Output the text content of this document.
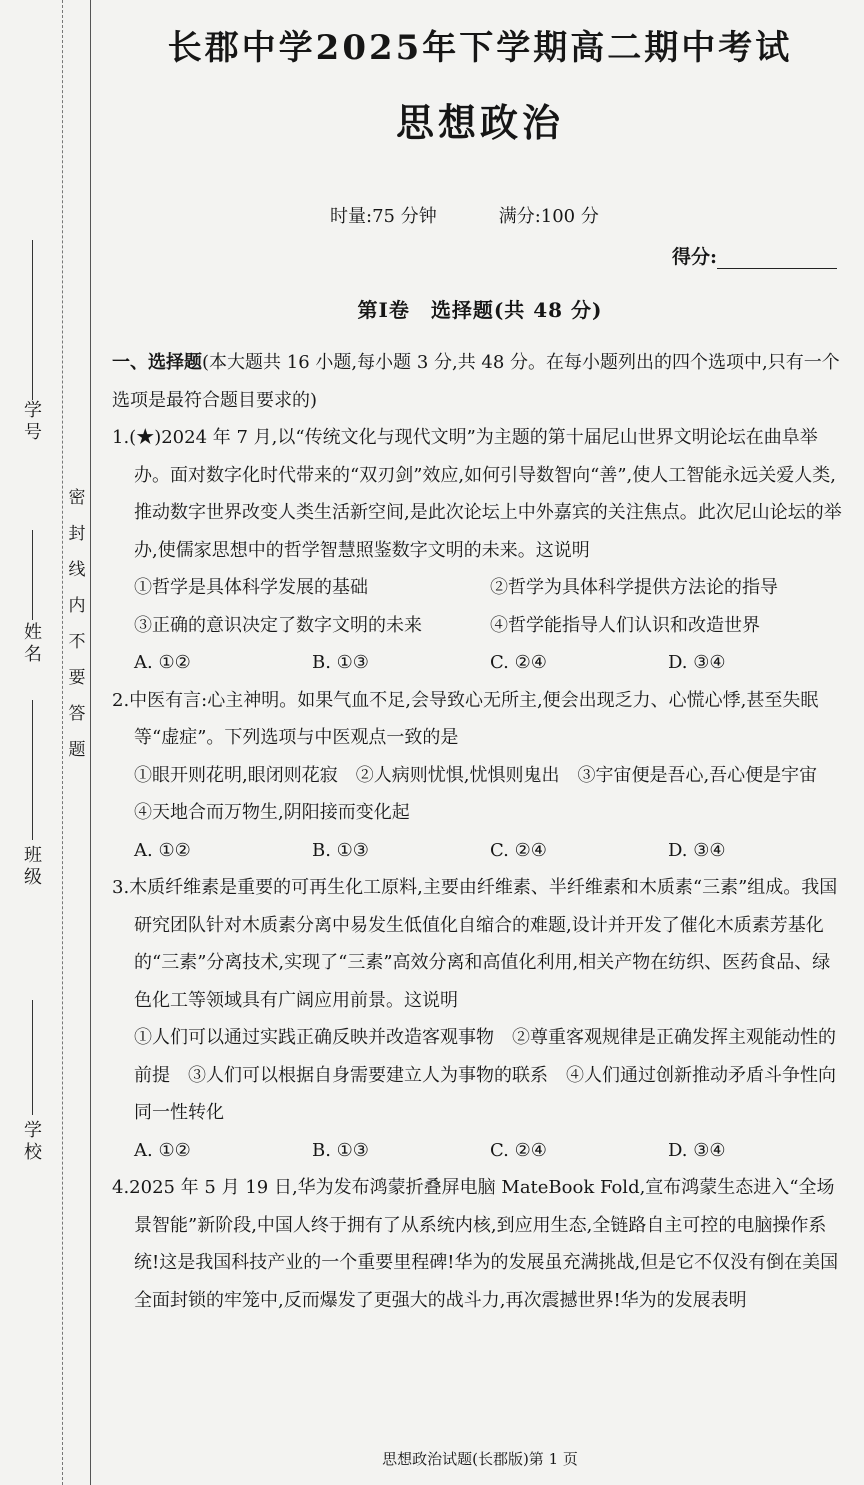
学号
姓名
班级
学校
密封线内不要答题
长郡中学2025年下学期高二期中考试
思想政治
时量:75 分钟	满分:100 分
得分:
第Ⅰ卷　选择题(共 48 分)

一、选择题(本大题共 16 小题,每小题 3 分,共 48 分。在每小题列出的四个选项中,只有一个选项是最符合题目要求的)

1.(★)2024 年 7 月,以“传统文化与现代文明”为主题的第十届尼山世界文明论坛在曲阜举办。面对数字化时代带来的“双刃剑”效应,如何引导数智向“善”,使人工智能永远关爱人类,推动数字世界改变人类生活新空间,是此次论坛上中外嘉宾的关注焦点。此次尼山论坛的举办,使儒家思想中的哲学智慧照鉴数字文明的未来。这说明

①哲学是具体科学发展的基础	②哲学为具体科学提供方法论的指导
③正确的意识决定了数字文明的未来	④哲学能指导人们认识和改造世界
A. ①②	B. ①③	C. ②④	D. ③④

2.中医有言:心主神明。如果气血不足,会导致心无所主,便会出现乏力、心慌心悸,甚至失眠等“虚症”。下列选项与中医观点一致的是

①眼开则花明,眼闭则花寂　②人病则忧惧,忧惧则鬼出　③宇宙便是吾心,吾心便是宇宙　④天地合而万物生,阴阳接而变化起

A. ①②	B. ①③	C. ②④	D. ③④

3.木质纤维素是重要的可再生化工原料,主要由纤维素、半纤维素和木质素“三素”组成。我国研究团队针对木质素分离中易发生低值化自缩合的难题,设计并开发了催化木质素芳基化的“三素”分离技术,实现了“三素”高效分离和高值化利用,相关产物在纺织、医药食品、绿色化工等领域具有广阔应用前景。这说明

①人们可以通过实践正确反映并改造客观事物　②尊重客观规律是正确发挥主观能动性的前提　③人们可以根据自身需要建立人为事物的联系　④人们通过创新推动矛盾斗争性向同一性转化

A. ①②	B. ①③	C. ②④	D. ③④

4.2025 年 5 月 19 日,华为发布鸿蒙折叠屏电脑 MateBook Fold,宣布鸿蒙生态进入“全场景智能”新阶段,中国人终于拥有了从系统内核,到应用生态,全链路自主可控的电脑操作系统!这是我国科技产业的一个重要里程碑!华为的发展虽充满挑战,但是它不仅没有倒在美国全面封锁的牢笼中,反而爆发了更强大的战斗力,再次震撼世界!华为的发展表明

思想政治试题(长郡版)第 1 页
